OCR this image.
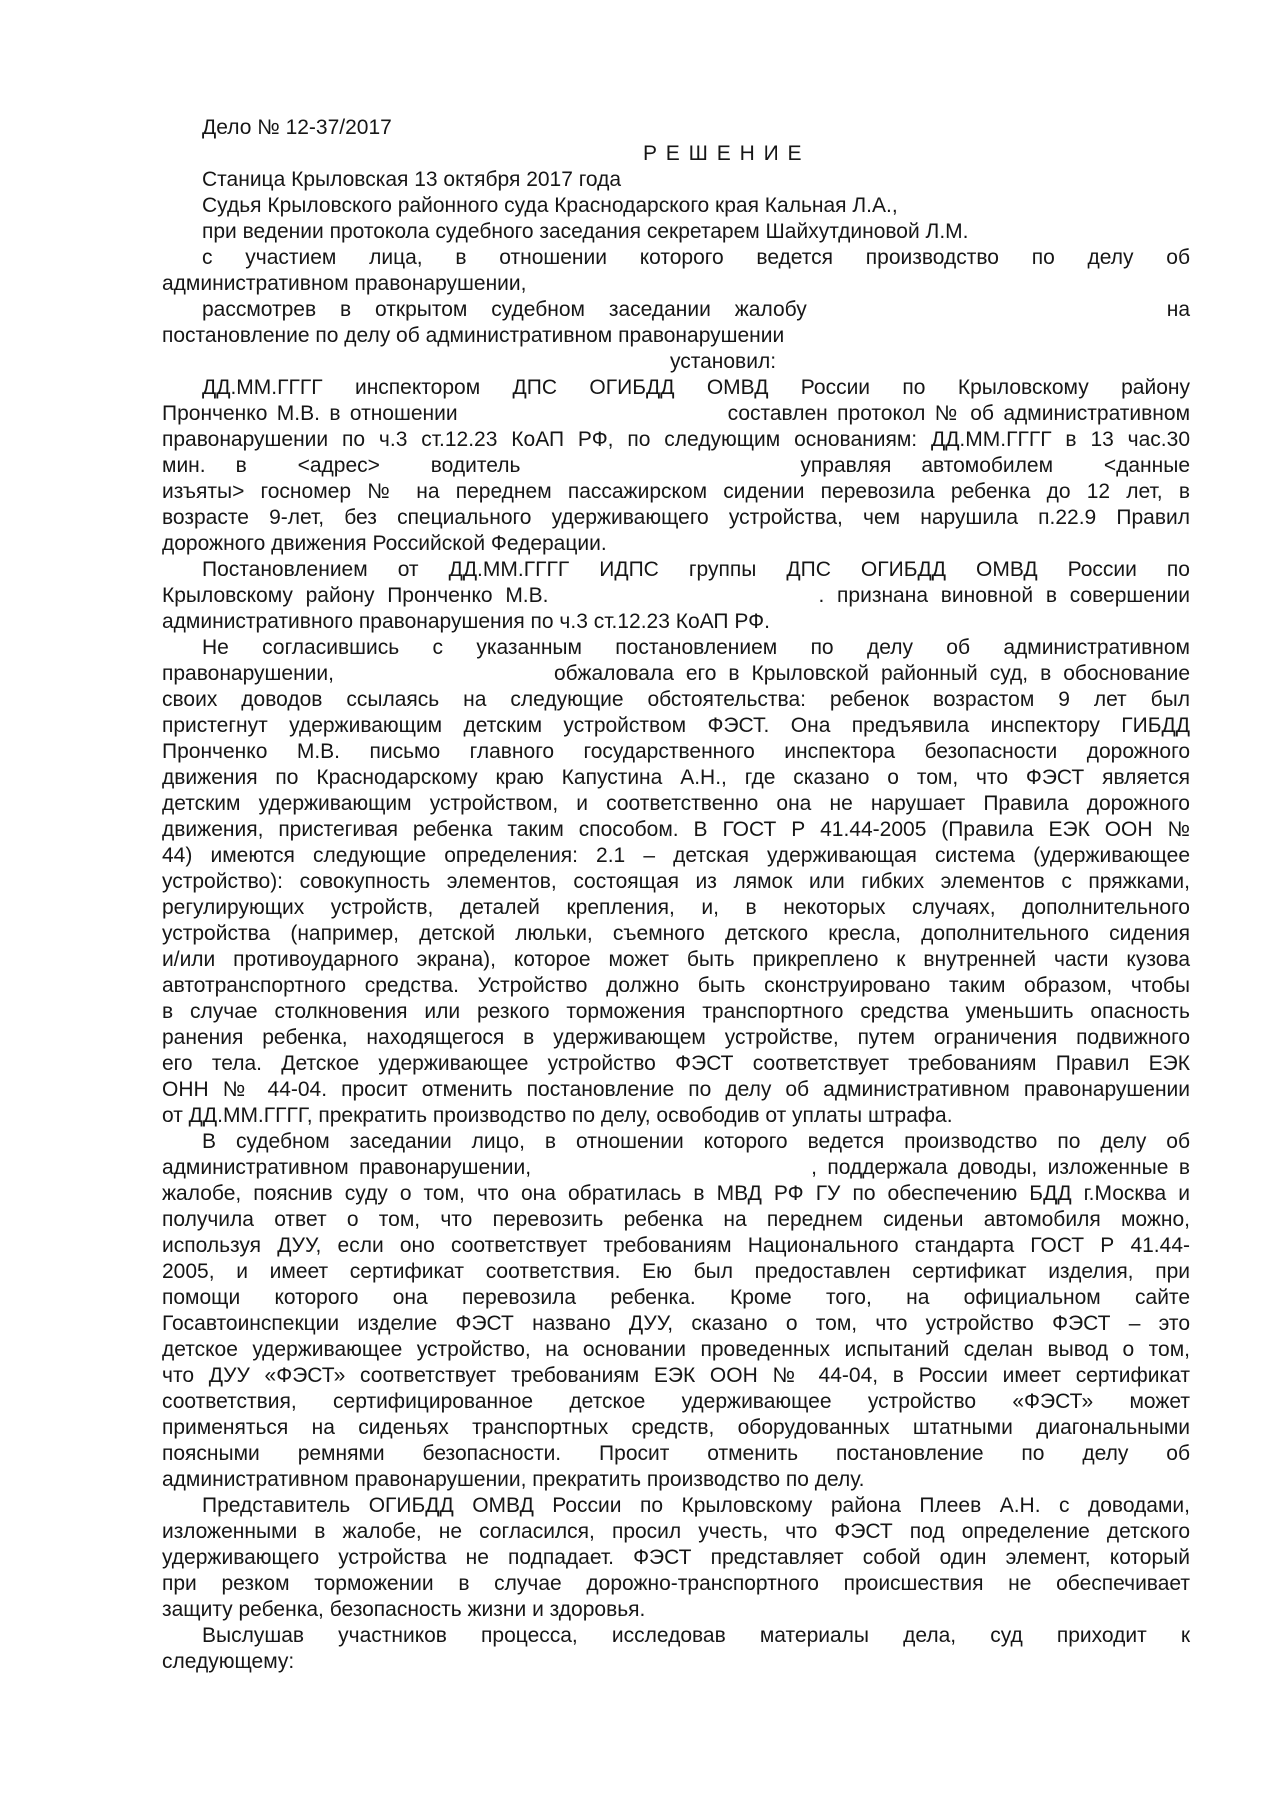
Дело № 12-37/2017
Р Е Ш Е Н И Е
Станица Крыловская 13 октября 2017 года
Судья Крыловского районного суда Краснодарского края Кальная Л.А.,
при ведении протокола судебного заседания секретарем Шайхутдиновой Л.М.
с участием лица, в отношении которого ведется производство по делу об
административном правонарушении,
рассмотрев в открытом судебном заседании жалобу	на
постановление по делу об административном правонарушении
установил:
ДД.ММ.ГГГГ инспектором ДПС ОГИБДД ОМВД России по Крыловскому району
Пронченко М.В. в отношении	составлен протокол № об административном
правонарушении по ч.3 ст.12.23 КоАП РФ, по следующим основаниям: ДД.ММ.ГГГГ в 13 час.30
мин. в <адрес> водитель	управляя автомобилем <данные
изъяты> госномер № на переднем пассажирском сидении перевозила ребенка до 12 лет, в
возрасте 9-лет, без специального удерживающего устройства, чем нарушила п.22.9 Правил
дорожного движения Российской Федерации.
Постановлением от ДД.ММ.ГГГГ ИДПС группы ДПС ОГИБДД ОМВД России по
Крыловскому району Пронченко М.В.	. признана виновной в совершении
административного правонарушения по ч.3 ст.12.23 КоАП РФ.
Не согласившись с указанным постановлением по делу об административном
правонарушении,	обжаловала его в Крыловской районный суд, в обоснование
своих доводов ссылаясь на следующие обстоятельства: ребенок возрастом 9 лет был
пристегнут удерживающим детским устройством ФЭСТ. Она предъявила инспектору ГИБДД
Пронченко М.В. письмо главного государственного инспектора безопасности дорожного
движения по Краснодарскому краю Капустина А.Н., где сказано о том, что ФЭСТ является
детским удерживающим устройством, и соответственно она не нарушает Правила дорожного
движения, пристегивая ребенка таким способом. В ГОСТ Р 41.44-2005 (Правила ЕЭК ООН №
44) имеются следующие определения: 2.1 – детская удерживающая система (удерживающее
устройство): совокупность элементов, состоящая из лямок или гибких элементов с пряжками,
регулирующих устройств, деталей крепления, и, в некоторых случаях, дополнительного
устройства (например, детской люльки, съемного детского кресла, дополнительного сидения
и/или противоударного экрана), которое может быть прикреплено к внутренней части кузова
автотранспортного средства. Устройство должно быть сконструировано таким образом, чтобы
в случае столкновения или резкого торможения транспортного средства уменьшить опасность
ранения ребенка, находящегося в удерживающем устройстве, путем ограничения подвижного
его тела. Детское удерживающее устройство ФЭСТ соответствует требованиям Правил ЕЭК
ОНН № 44-04. просит отменить постановление по делу об административном правонарушении
от ДД.ММ.ГГГГ, прекратить производство по делу, освободив от уплаты штрафа.
В судебном заседании лицо, в отношении которого ведется производство по делу об
административном правонарушении,	, поддержала доводы, изложенные в
жалобе, пояснив суду о том, что она обратилась в МВД РФ ГУ по обеспечению БДД г.Москва и
получила ответ о том, что перевозить ребенка на переднем сиденьи автомобиля можно,
используя ДУУ, если оно соответствует требованиям Национального стандарта ГОСТ Р 41.44-
2005, и имеет сертификат соответствия. Ею был предоставлен сертификат изделия, при
помощи которого она перевозила ребенка. Кроме того, на официальном сайте
Госавтоинспекции изделие ФЭСТ названо ДУУ, сказано о том, что устройство ФЭСТ – это
детское удерживающее устройство, на основании проведенных испытаний сделан вывод о том,
что ДУУ «ФЭСТ» соответствует требованиям ЕЭК ООН № 44-04, в России имеет сертификат
соответствия, сертифицированное детское удерживающее устройство «ФЭСТ» может
применяться на сиденьях транспортных средств, оборудованных штатными диагональными
поясными ремнями безопасности. Просит отменить постановление по делу об
административном правонарушении, прекратить производство по делу.
Представитель ОГИБДД ОМВД России по Крыловскому района Плеев А.Н. с доводами,
изложенными в жалобе, не согласился, просил учесть, что ФЭСТ под определение детского
удерживающего устройства не подпадает. ФЭСТ представляет собой один элемент, который
при резком торможении в случае дорожно-транспортного происшествия не обеспечивает
защиту ребенка, безопасность жизни и здоровья.
Выслушав участников процесса, исследовав материалы дела, суд приходит к
следующему:
